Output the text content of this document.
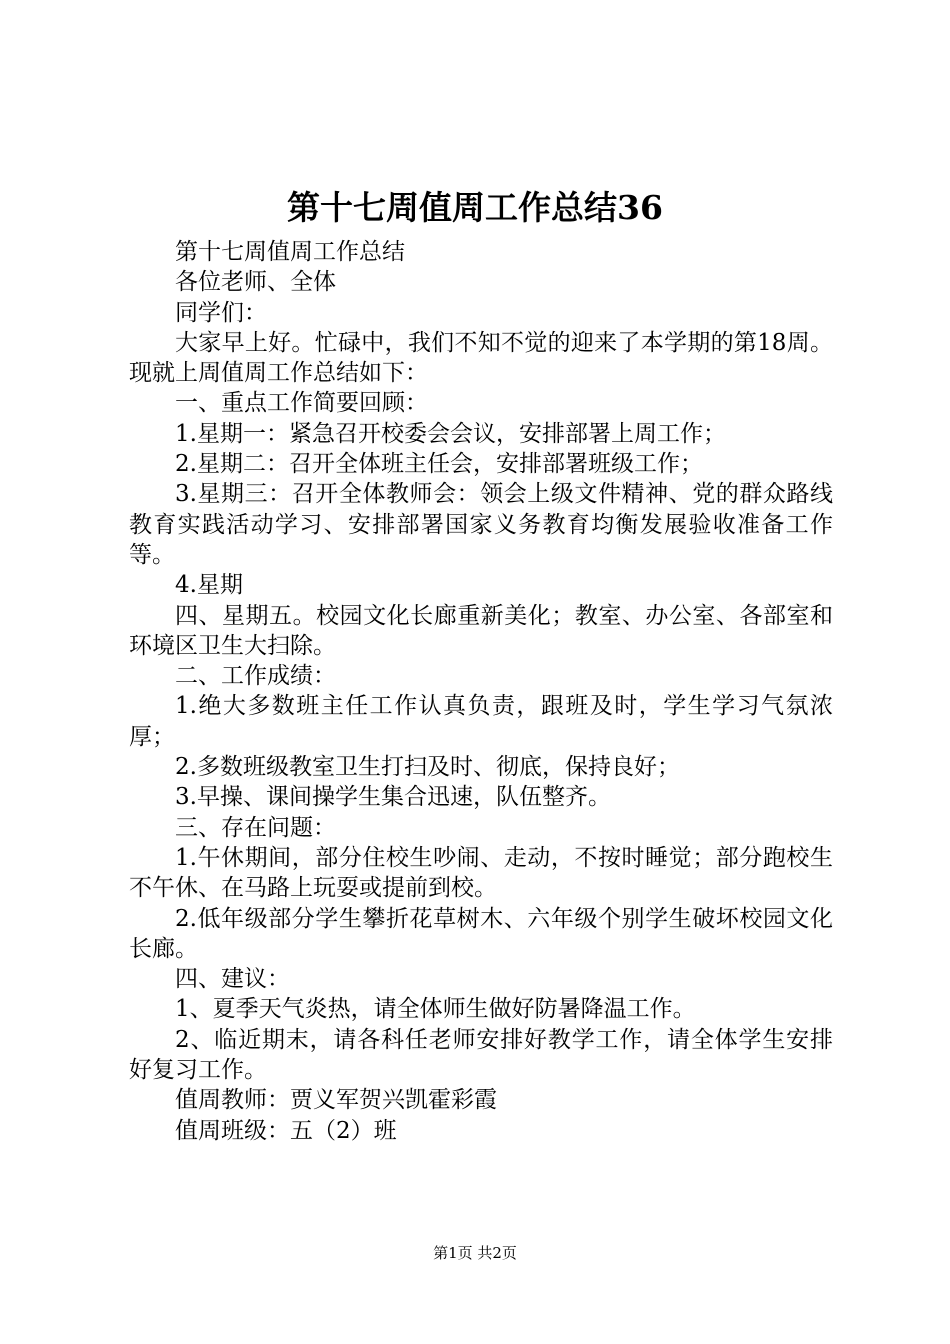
第十七周值周工作总结36

第十七周值周工作总结

各位老师、全体

同学们：

大家早上好。忙碌中，我们不知不觉的迎来了本学期的第18周。现就上周值周工作总结如下：

一、重点工作简要回顾：

1.星期一：紧急召开校委会会议，安排部署上周工作；

2.星期二：召开全体班主任会，安排部署班级工作；

3.星期三：召开全体教师会：领会上级文件精神、党的群众路线教育实践活动学习、安排部署国家义务教育均衡发展验收准备工作等。

4.星期

四、星期五。校园文化长廊重新美化；教室、办公室、各部室和环境区卫生大扫除。

二、工作成绩：

1.绝大多数班主任工作认真负责，跟班及时，学生学习气氛浓厚；

2.多数班级教室卫生打扫及时、彻底，保持良好；

3.早操、课间操学生集合迅速，队伍整齐。

三、存在问题：

1.午休期间，部分住校生吵闹、走动，不按时睡觉；部分跑校生不午休、在马路上玩耍或提前到校。

2.低年级部分学生攀折花草树木、六年级个别学生破坏校园文化长廊。

四、建议：

1、夏季天气炎热，请全体师生做好防暑降温工作。

2、临近期末，请各科任老师安排好教学工作，请全体学生安排好复习工作。

值周教师：贾义军贺兴凯霍彩霞

值周班级：五（2）班

第1页 共2页
